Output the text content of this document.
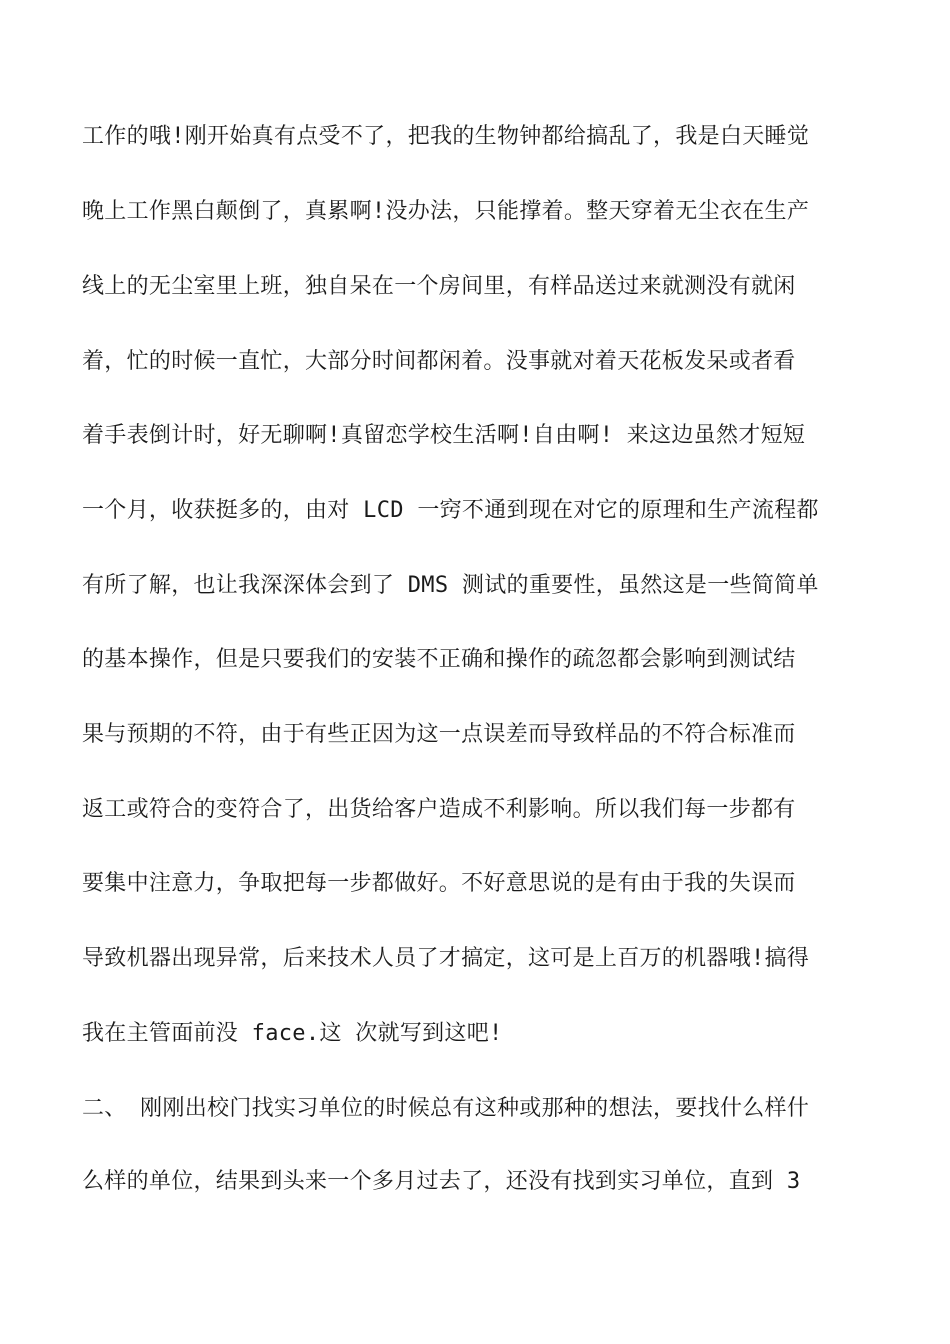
工作的哦!刚开始真有点受不了，把我的生物钟都给搞乱了，我是白天睡觉
晚上工作黑白颠倒了，真累啊!没办法，只能撑着。整天穿着无尘衣在生产
线上的无尘室里上班，独自呆在一个房间里，有样品送过来就测没有就闲
着，忙的时候一直忙，大部分时间都闲着。没事就对着天花板发呆或者看
着手表倒计时，好无聊啊!真留恋学校生活啊!自由啊! 来这边虽然才短短
一个月，收获挺多的，由对 LCD 一窍不通到现在对它的原理和生产流程都
有所了解，也让我深深体会到了 DMS 测试的重要性，虽然这是一些简简单
的基本操作，但是只要我们的安装不正确和操作的疏忽都会影响到测试结
果与预期的不符，由于有些正因为这一点误差而导致样品的不符合标准而
返工或符合的变符合了，出货给客户造成不利影响。所以我们每一步都有
要集中注意力，争取把每一步都做好。不好意思说的是有由于我的失误而
导致机器出现异常，后来技术人员了才搞定，这可是上百万的机器哦!搞得
我在主管面前没 face.这 次就写到这吧!
二、 刚刚出校门找实习单位的时候总有这种或那种的想法，要找什么样什
么样的单位，结果到头来一个多月过去了，还没有找到实习单位，直到 3
